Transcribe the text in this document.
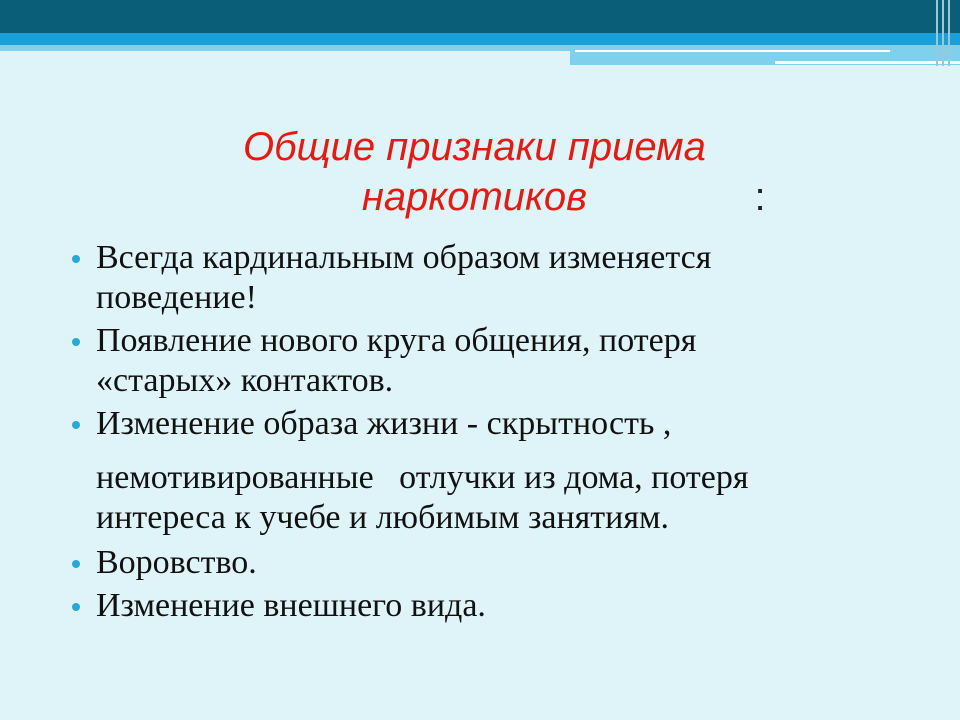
Общие признаки приема наркотиков	:
Всегда кардинальным образом изменяется
поведение!
Появление нового круга общения, потеря
«старых» контактов.
Изменение образа жизни - скрытность ,
немотивированные   отлучки из дома, потеря
интереса к учебе и любимым занятиям.
Воровство.
Изменение внешнего вида.
